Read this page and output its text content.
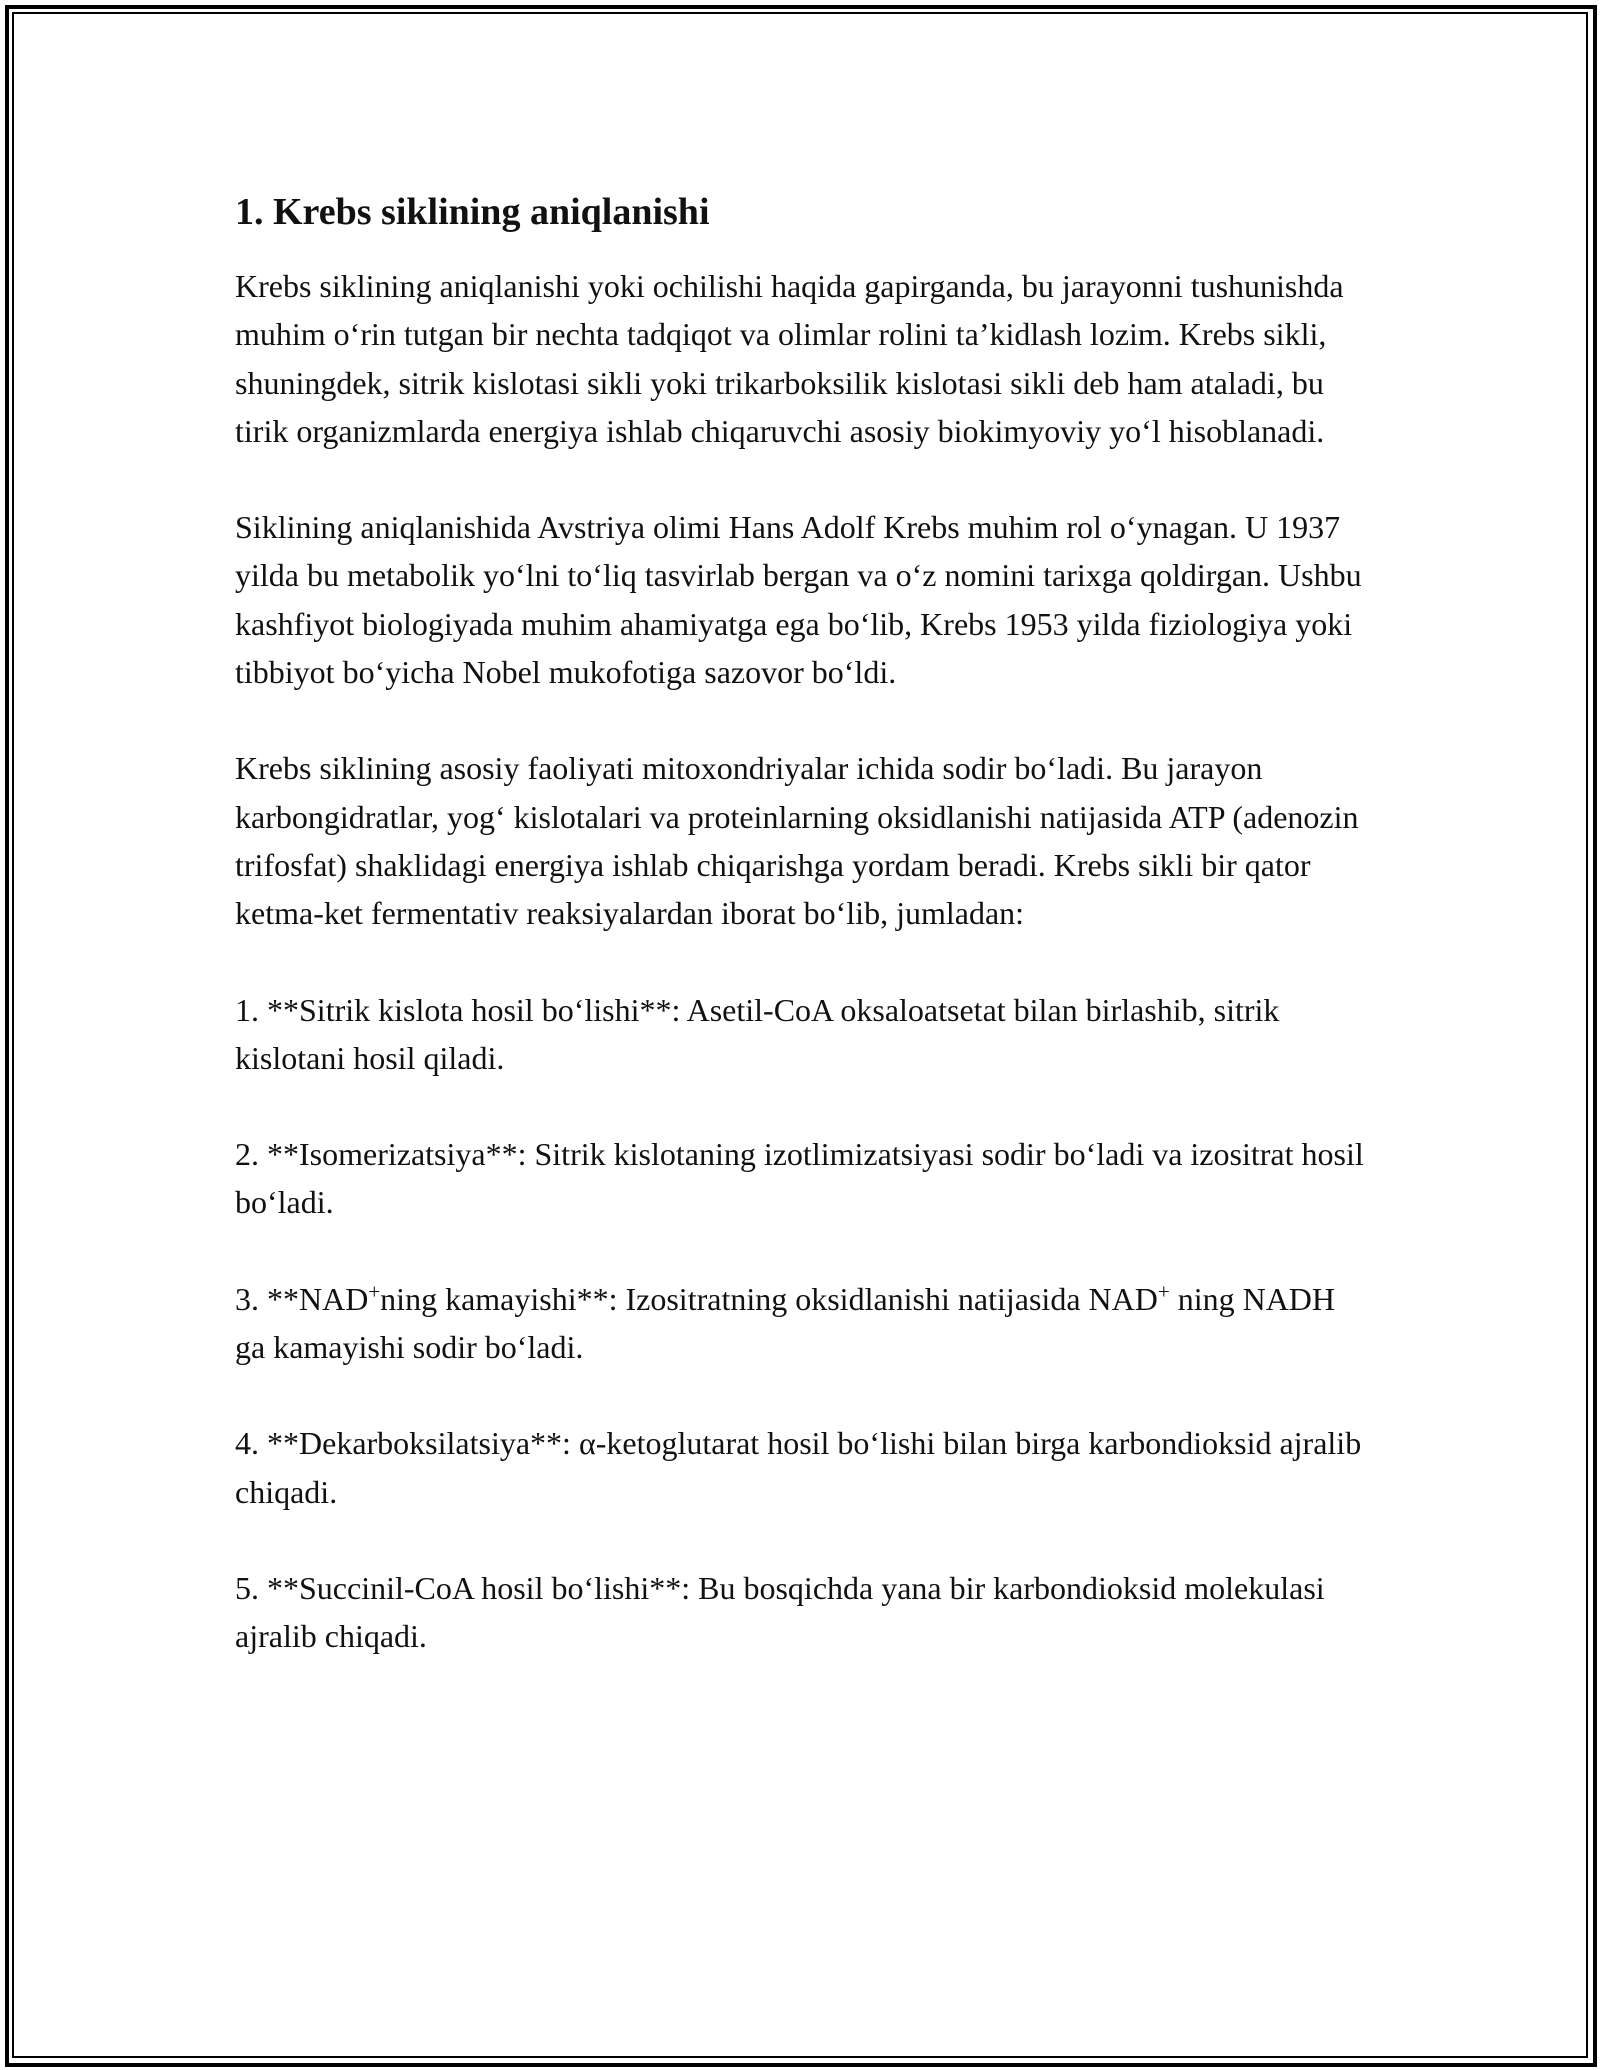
1. Krebs siklining aniqlanishi

Krebs siklining aniqlanishi yoki ochilishi haqida gapirganda, bu jarayonni tushunishda muhim oʻrin tutgan bir nechta tadqiqot va olimlar rolini taʼkidlash lozim. Krebs sikli, shuningdek, sitrik kislotasi sikli yoki trikarboksilik kislotasi sikli deb ham ataladi, bu tirik organizmlarda energiya ishlab chiqaruvchi asosiy biokimyoviy yoʻl hisoblanadi.

Siklining aniqlanishida Avstriya olimi Hans Adolf Krebs muhim rol oʻynagan. U 1937 yilda bu metabolik yoʻlni toʻliq tasvirlab bergan va oʻz nomini tarixga qoldirgan. Ushbu kashfiyot biologiyada muhim ahamiyatga ega boʻlib, Krebs 1953 yilda fiziologiya yoki tibbiyot boʻyicha Nobel mukofotiga sazovor boʻldi.

Krebs siklining asosiy faoliyati mitoxondriyalar ichida sodir boʻladi. Bu jarayon karbongidratlar, yogʻ kislotalari va proteinlarning oksidlanishi natijasida ATP (adenozin trifosfat) shaklidagi energiya ishlab chiqarishga yordam beradi. Krebs sikli bir qator ketma-ket fermentativ reaksiyalardan iborat boʻlib, jumladan:

1. **Sitrik kislota hosil boʻlishi**: Asetil-CoA oksaloatsetat bilan birlashib, sitrik kislotani hosil qiladi.

2. **Isomerizatsiya**: Sitrik kislotaning izotlimizatsiyasi sodir boʻladi va izositrat hosil boʻladi.

3. **NAD+ning kamayishi**: Izositratning oksidlanishi natijasida NAD+ ning NADH ga kamayishi sodir boʻladi.

4. **Dekarboksilatsiya**: α-ketoglutarat hosil boʻlishi bilan birga karbondioksid ajralib chiqadi.

5. **Succinil-CoA hosil boʻlishi**: Bu bosqichda yana bir karbondioksid molekulasi ajralib chiqadi.
